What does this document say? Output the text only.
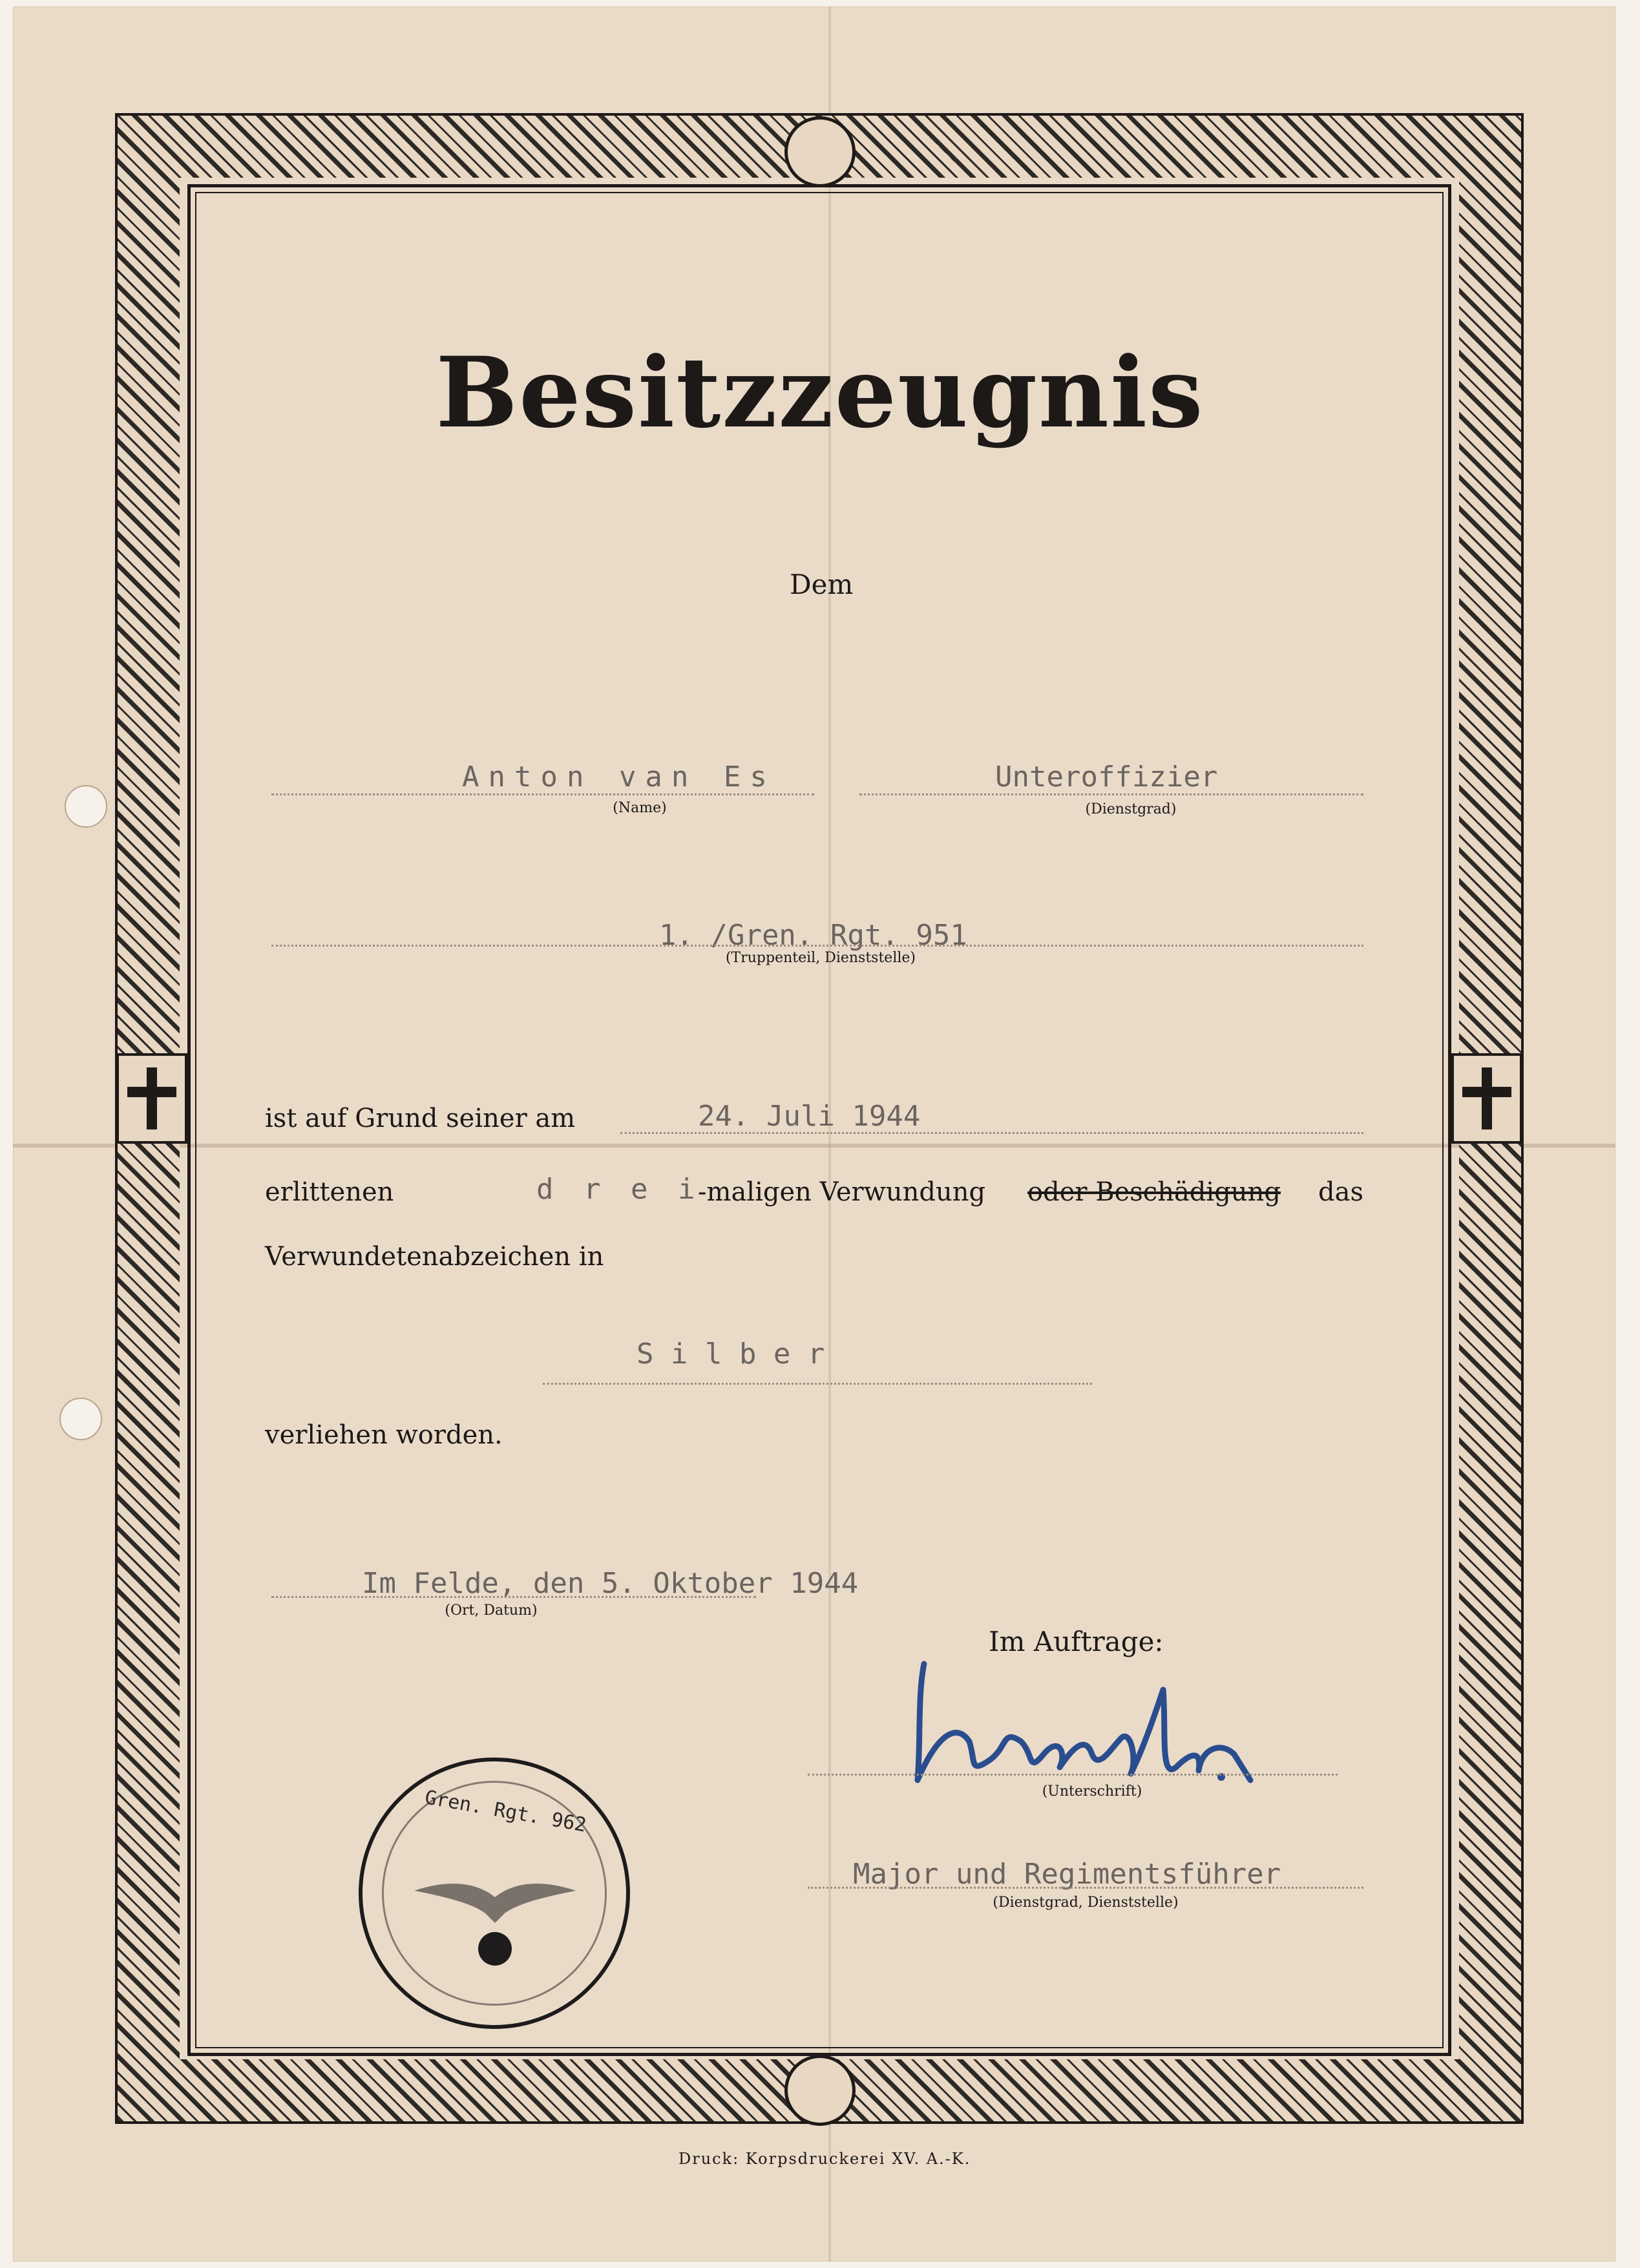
Besitzzeugnis
Dem
Anton van Es
(Name)
Unteroffizier
(Dienstgrad)
1. /Gren. Rgt. 951
(Truppenteil, Dienststelle)
ist auf Grund seiner am	24. Juli 1944
erlittenen	d r e i
-maligen Verwundung oder Beschädigung das
Verwundetenabzeichen in
S i l b e r
verliehen worden.
Im Felde, den 5. Oktober 1944
(Ort, Datum)
Im Auftrage:
(Unterschrift)
Major und Regimentsführer
(Dienstgrad, Dienststelle)
Gren. Rgt. 962
Druck: Korpsdruckerei XV. A.-K.
